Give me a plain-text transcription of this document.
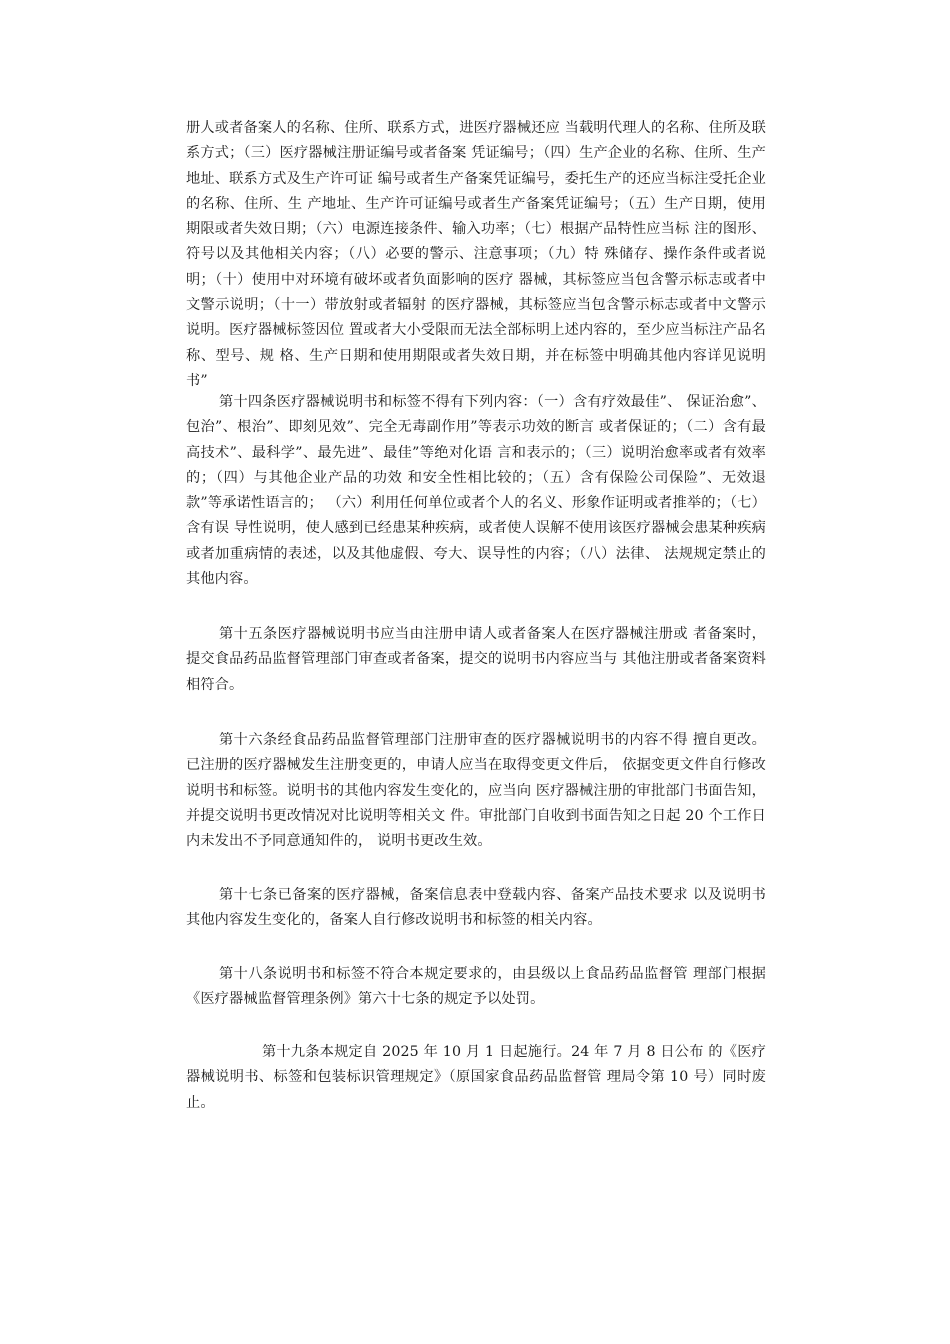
册人或者备案人的名称、住所、联系方式，进医疗器械还应 当载明代理人的名称、住所及联系方式；（三）医疗器械注册证编号或者备案 凭证编号；（四）生产企业的名称、住所、生产地址、联系方式及生产许可证 编号或者生产备案凭证编号，委托生产的还应当标注受托企业的名称、住所、生 产地址、生产许可证编号或者生产备案凭证编号；（五）生产日期，使用期限或者失效日期；（六）电源连接条件、输入功率；（七）根据产品特性应当标 注的图形、符号以及其他相关内容；（八）必要的警示、注意事项；（九）特 殊储存、操作条件或者说明；（十）使用中对环境有破坏或者负面影响的医疗 器械，其标签应当包含警示标志或者中文警示说明；（十一）带放射或者辐射 的医疗器械，其标签应当包含警示标志或者中文警示说明。医疗器械标签因位 置或者大小受限而无法全部标明上述内容的，至少应当标注产品名称、型号、规 格、生产日期和使用期限或者失效日期，并在标签中明确其他内容详见说明书”

第十四条医疗器械说明书和标签不得有下列内容：（一）含有疗效最佳”、 保证治愈”、包治”、根治”、即刻见效”、完全无毒副作用”等表示功效的断言 或者保证的；（二）含有最高技术”、最科学”、最先进”、最佳”等绝对化语 言和表示的；（三）说明治愈率或者有效率的；（四）与其他企业产品的功效 和安全性相比较的；（五）含有保险公司保险”、无效退款”等承诺性语言的； （六）利用任何单位或者个人的名义、形象作证明或者推举的；（七）含有误 导性说明，使人感到已经患某种疾病，或者使人误解不使用该医疗器械会患某种疾病或者加重病情的表述，以及其他虚假、夸大、误导性的内容；（八）法律、 法规规定禁止的其他内容。

第十五条医疗器械说明书应当由注册申请人或者备案人在医疗器械注册或 者备案时，提交食品药品监督管理部门审查或者备案，提交的说明书内容应当与 其他注册或者备案资料相符合。

第十六条经食品药品监督管理部门注册审查的医疗器械说明书的内容不得 擅自更改。已注册的医疗器械发生注册变更的，申请人应当在取得变更文件后， 依据变更文件自行修改说明书和标签。说明书的其他内容发生变化的，应当向 医疗器械注册的审批部门书面告知，并提交说明书更改情况对比说明等相关文 件。审批部门自收到书面告知之日起 20 个工作日内未发出不予同意通知件的， 说明书更改生效。

第十七条已备案的医疗器械，备案信息表中登载内容、备案产品技术要求 以及说明书其他内容发生变化的，备案人自行修改说明书和标签的相关内容。

第十八条说明书和标签不符合本规定要求的，由县级以上食品药品监督管 理部门根据《医疗器械监督管理条例》第六十七条的规定予以处罚。

第十九条本规定自 2025 年 10 月 1 日起施行。24 年 7 月 8 日公布 的《医疗器械说明书、标签和包装标识管理规定》（原国家食品药品监督管 理局令第 10 号）同时废止。
